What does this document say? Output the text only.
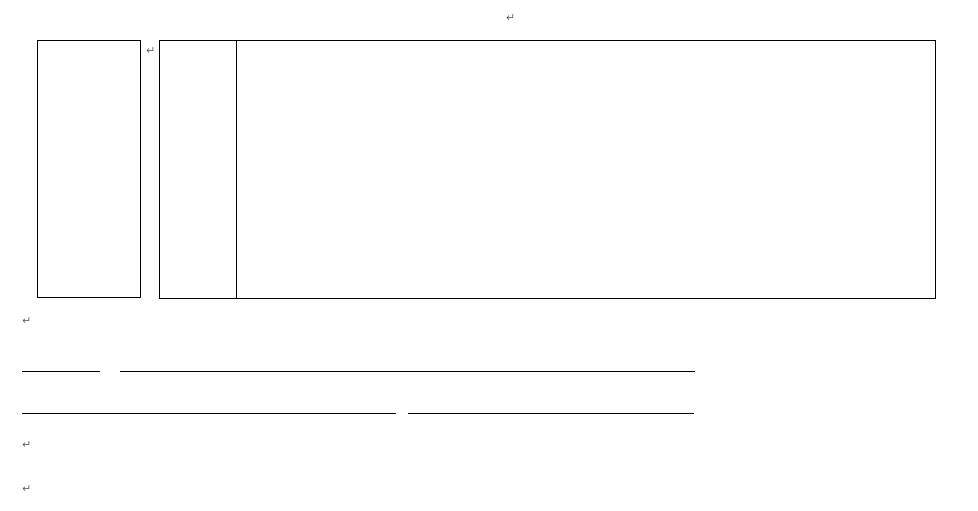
↵
↵
↵

↵
↵
